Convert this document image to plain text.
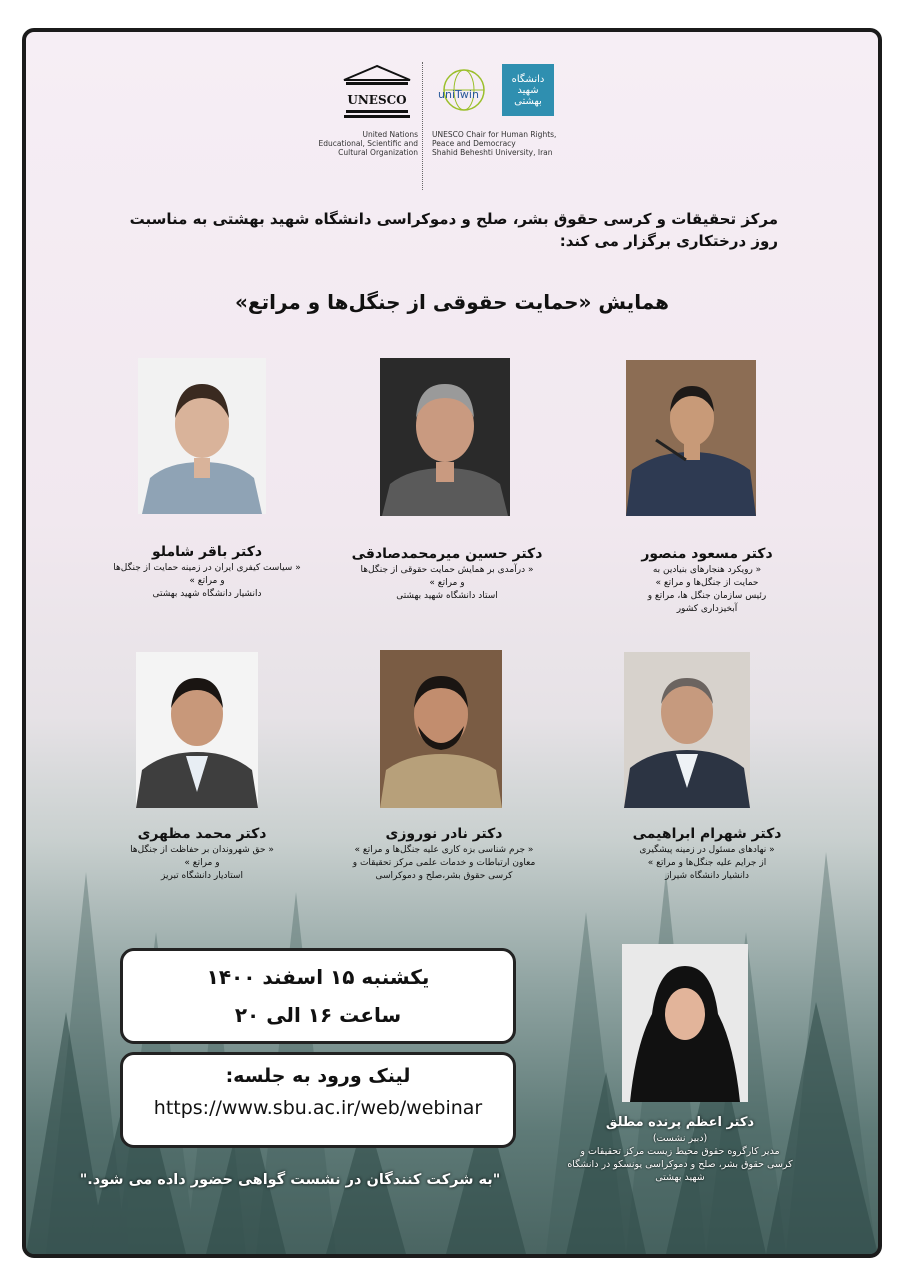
UNESCO
United Nations
Educational, Scientific and
Cultural Organization
uniTwin
دانشگاه شهید بهشتی
UNESCO Chair for Human Rights,
Peace and Democracy
Shahid Beheshti University, Iran
مرکز تحقیقات و کرسی حقوق بشر، صلح و دموکراسی دانشگاه شهید بهشتی به مناسبت
روز درختکاری برگزار می کند:
همایش «حمایت حقوقی از جنگل‌ها و مراتع»
دکتر باقر شاملو
« سیاست کیفری ایران در زمینه حمایت از جنگل‌ها
و مراتع »
دانشیار دانشگاه شهید بهشتی
دکتر حسین میرمحمدصادقی
« درآمدی بر همایش حمایت حقوقی از جنگل‌ها
و مراتع »
استاد دانشگاه شهید بهشتی
دکتر مسعود منصور
« رویکرد هنجارهای بنیادین به
حمایت از جنگل‌ها و مراتع »
رئیس سازمان جنگل ها، مراتع و
آبخیزداری کشور
دکتر محمد مظهری
« حق شهروندان بر حفاظت از جنگل‌ها
و مراتع »
استادیار دانشگاه تبریز
دکتر نادر نوروزی
« جرم شناسی بزه کاری علیه جنگل‌ها و مراتع »
معاون ارتباطات و خدمات علمی مرکز تحقیقات و
کرسی حقوق بشر،صلح و دموکراسی
دکتر شهرام ابراهیمی
« نهادهای مسئول در زمینه پیشگیری
از جرایم علیه جنگل‌ها و مراتع »
دانشیار دانشگاه شیراز
یکشنبه ۱۵ اسفند ۱۴۰۰
ساعت ۱۶ الی ۲۰
لینک ورود به جلسه:
https://www.sbu.ac.ir/web/webinar
دکتر اعظم پرنده مطلق
(دبیر نشست)
مدیر کارگروه حقوق محیط زیست مرکز تحقیقات و
کرسی حقوق بشر، صلح و دموکراسی یونسکو در دانشگاه
شهید بهشتی
"به شرکت کنندگان در نشست گواهی حضور داده می شود."
